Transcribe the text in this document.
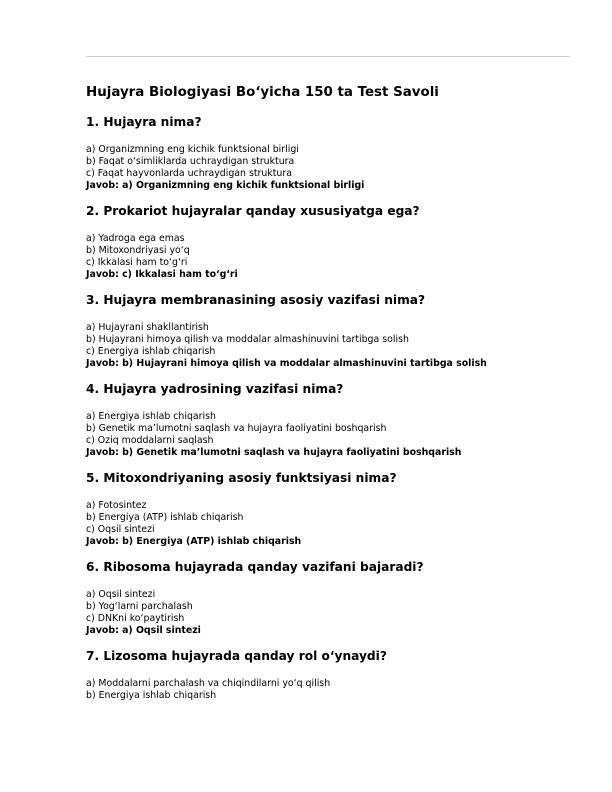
Hujayra Biologiyasi Bo‘yicha 150 ta Test Savoli
1. Hujayra nima?
a) Organizmning eng kichik funktsional birligi
b) Faqat o‘simliklarda uchraydigan struktura
c) Faqat hayvonlarda uchraydigan struktura
Javob: a) Organizmning eng kichik funktsional birligi
2. Prokariot hujayralar qanday xususiyatga ega?
a) Yadroga ega emas
b) Mitoxondriyasi yo‘q
c) Ikkalasi ham to‘g‘ri
Javob: c) Ikkalasi ham to‘g‘ri
3. Hujayra membranasining asosiy vazifasi nima?
a) Hujayrani shakllantirish
b) Hujayrani himoya qilish va moddalar almashinuvini tartibga solish
c) Energiya ishlab chiqarish
Javob: b) Hujayrani himoya qilish va moddalar almashinuvini tartibga solish
4. Hujayra yadrosining vazifasi nima?
a) Energiya ishlab chiqarish
b) Genetik ma’lumotni saqlash va hujayra faoliyatini boshqarish
c) Oziq moddalarni saqlash
Javob: b) Genetik ma’lumotni saqlash va hujayra faoliyatini boshqarish
5. Mitoxondriyaning asosiy funktsiyasi nima?
a) Fotosintez
b) Energiya (ATP) ishlab chiqarish
c) Oqsil sintezi
Javob: b) Energiya (ATP) ishlab chiqarish
6. Ribosoma hujayrada qanday vazifani bajaradi?
a) Oqsil sintezi
b) Yog‘larni parchalash
c) DNKni ko‘paytirish
Javob: a) Oqsil sintezi
7. Lizosoma hujayrada qanday rol o‘ynaydi?
a) Moddalarni parchalash va chiqindilarni yo‘q qilish
b) Energiya ishlab chiqarish
